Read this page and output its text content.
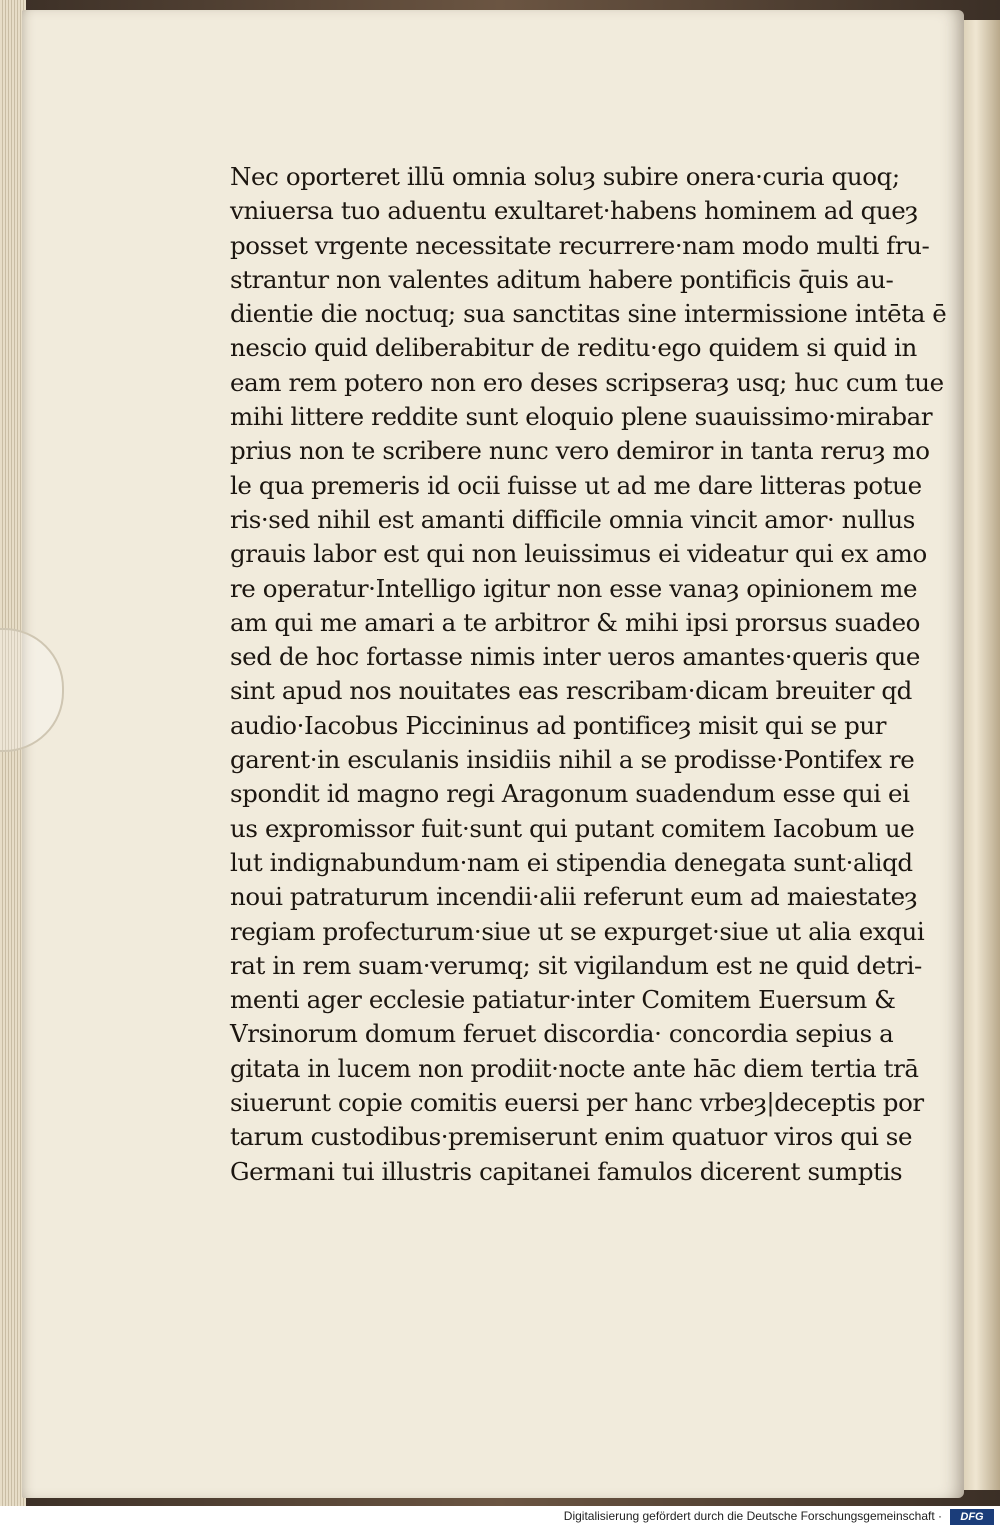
Nec oporteret illū omnia soluȝ subire onera·curia quoq;
vniuersa tuo aduentu exultaret·habens hominem ad queȝ
posset vrgente necessitate recurrere·nam modo multi fru-
strantur non valentes aditum habere pontificis q̄uis au-
dientie die noctuq; sua sanctitas sine intermissione intēta ē
nescio quid deliberabitur de reditu·ego quidem si quid in
eam rem potero non ero deses scripseraȝ usq; huc cum tue
mihi littere reddite sunt eloquio plene suauissimo·mirabar
prius non te scribere nunc vero demiror in tanta reruȝ mo
le qua premeris id ocii fuisse ut ad me dare litteras potue
ris·sed nihil est amanti difficile omnia vincit amor· nullus
grauis labor est qui non leuissimus ei videatur qui ex amo
re operatur·Intelligo igitur non esse vanaȝ opinionem me
am qui me amari a te arbitror & mihi ipsi prorsus suadeo
sed de hoc fortasse nimis inter ueros amantes·queris que
sint apud nos nouitates eas rescribam·dicam breuiter qd
audio·Iacobus Piccininus ad pontificeȝ misit qui se pur
garent·in esculanis insidiis nihil a se prodisse·Pontifex re
spondit id magno regi Aragonum suadendum esse qui ei
us expromissor fuit·sunt qui putant comitem Iacobum ue
lut indignabundum·nam ei stipendia denegata sunt·aliqd
noui patraturum incendii·alii referunt eum ad maiestateȝ
regiam profecturum·siue ut se expurget·siue ut alia exqui
rat in rem suam·verumq; sit vigilandum est ne quid detri-
menti ager ecclesie patiatur·inter Comitem Euersum &
Vrsinorum domum feruet discordia· concordia sepius a
gitata in lucem non prodiit·nocte ante hāc diem tertia trā
siuerunt copie comitis euersi per hanc vrbeȝ|deceptis por
tarum custodibus·premiserunt enim quatuor viros qui se
Germani tui illustris capitanei famulos dicerent sumptis
Digitalisierung gefördert durch die Deutsche Forschungsgemeinschaft ·	DFG
